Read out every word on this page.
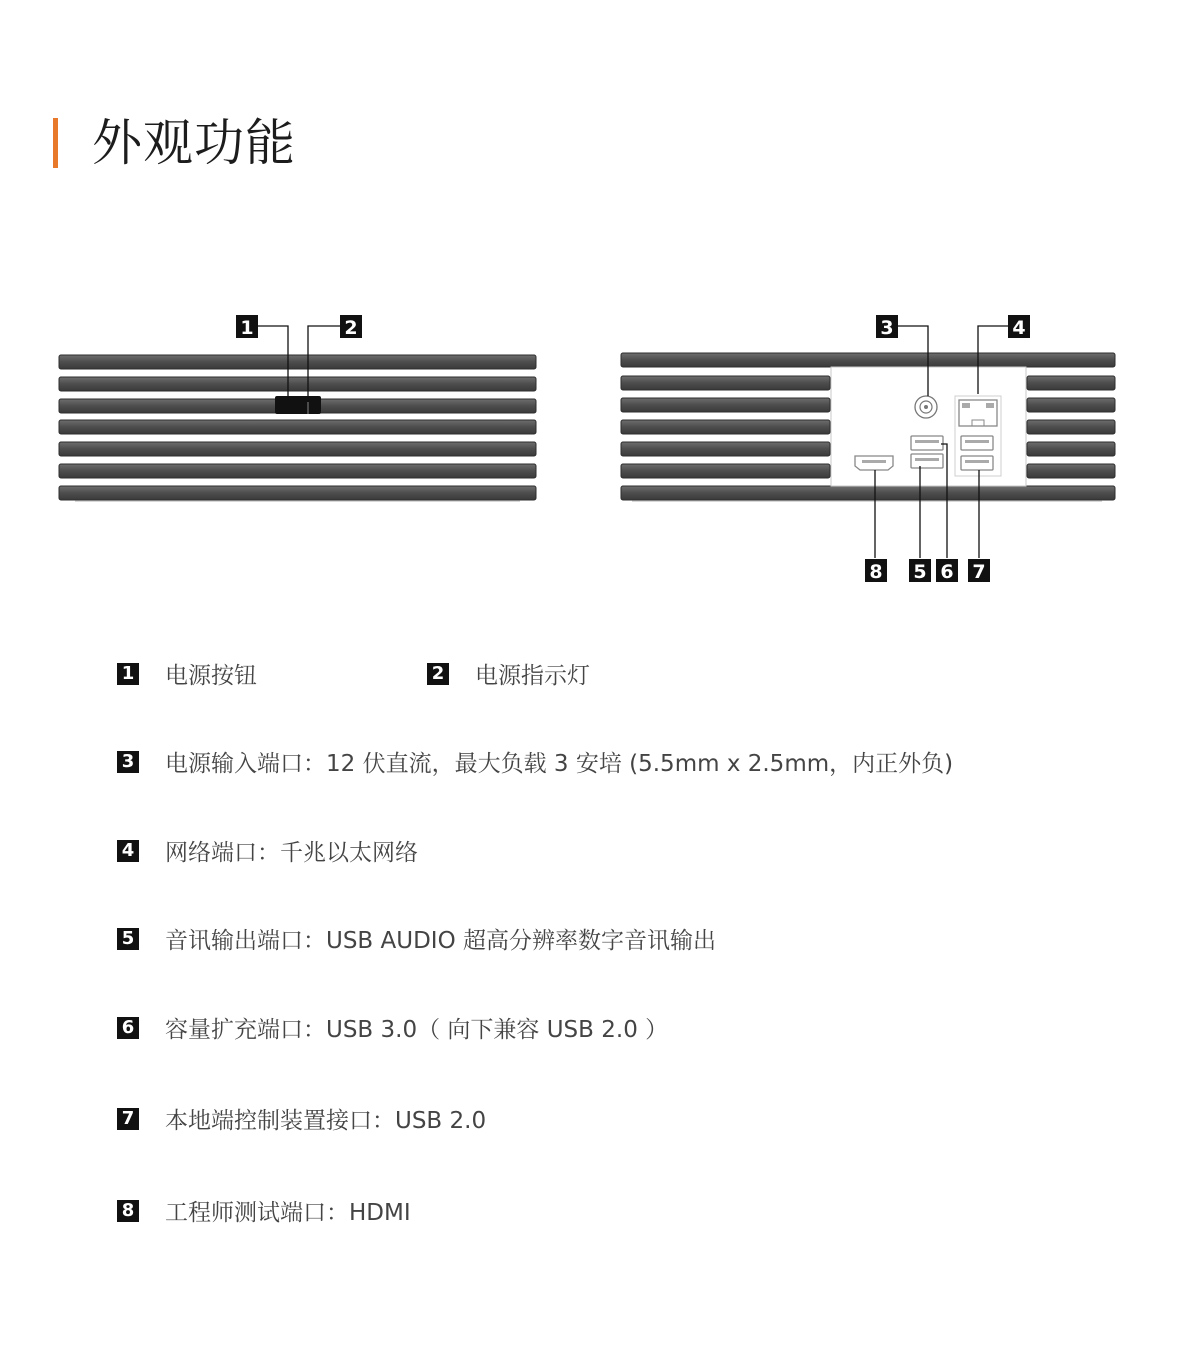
外观功能
1	2	3	4
5 6 7
8
1 电源按钮	2 电源指示灯
3 电源输入端口：12 伏直流，最大负载 3 安培 (5.5mm x 2.5mm，内正外负)
4 网络端口：千兆以太网络
5 音讯输出端口：USB AUDIO 超高分辨率数字音讯输出
6 容量扩充端口：USB 3.0（ 向下兼容 USB 2.0 ）
7 本地端控制装置接口：USB 2.0
8 工程师测试端口：HDMI
